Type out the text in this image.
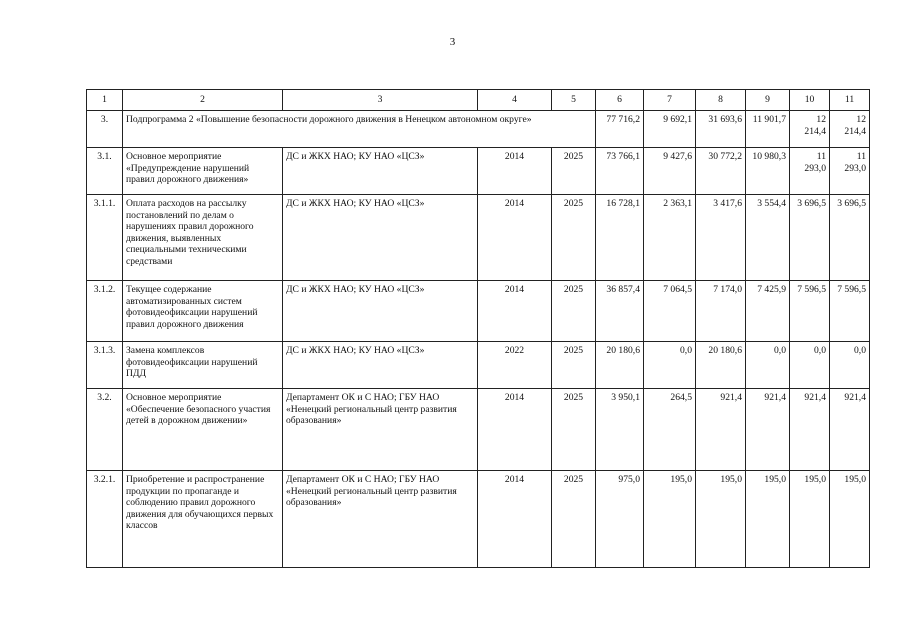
3
1	2	3	4	5	6	7	8	9	10	11
3.	Подпрограмма 2 «Повышение безопасности дорожного движения в Ненецком автономном округе»				77 716,2	9 692,1	31 693,6	11 901,7	12 214,4	12 214,4
3.1.	Основное мероприятие «Предупреждение нарушений правил дорожного движения»	ДС и ЖКХ НАО; КУ НАО «ЦСЗ»	2014	2025	73 766,1	9 427,6	30 772,2	10 980,3	11 293,0	11 293,0
3.1.1.	Оплата расходов на рассылку постановлений по делам о нарушениях правил дорожного движения, выявленных специальными техническими средствами	ДС и ЖКХ НАО; КУ НАО «ЦСЗ»	2014	2025	16 728,1	2 363,1	3 417,6	3 554,4	3 696,5	3 696,5
3.1.2.	Текущее содержание автоматизированных систем фотовидеофиксации нарушений правил дорожного движения	ДС и ЖКХ НАО; КУ НАО «ЦСЗ»	2014	2025	36 857,4	7 064,5	7 174,0	7 425,9	7 596,5	7 596,5
3.1.3.	Замена комплексов фотовидеофиксации нарушений ПДД	ДС и ЖКХ НАО; КУ НАО «ЦСЗ»	2022	2025	20 180,6	0,0	20 180,6	0,0	0,0	0,0
3.2.	Основное мероприятие «Обеспечение безопасного участия детей в дорожном движении»	Департамент ОК и С НАО; ГБУ НАО «Ненецкий региональный центр развития образования»	2014	2025	3 950,1	264,5	921,4	921,4	921,4	921,4
3.2.1.	Приобретение и распространение продукции по пропаганде и соблюдению правил дорожного движения для обучающихся первых классов	Департамент ОК и С НАО; ГБУ НАО «Ненецкий региональный центр развития образования»	2014	2025	975,0	195,0	195,0	195,0	195,0	195,0
